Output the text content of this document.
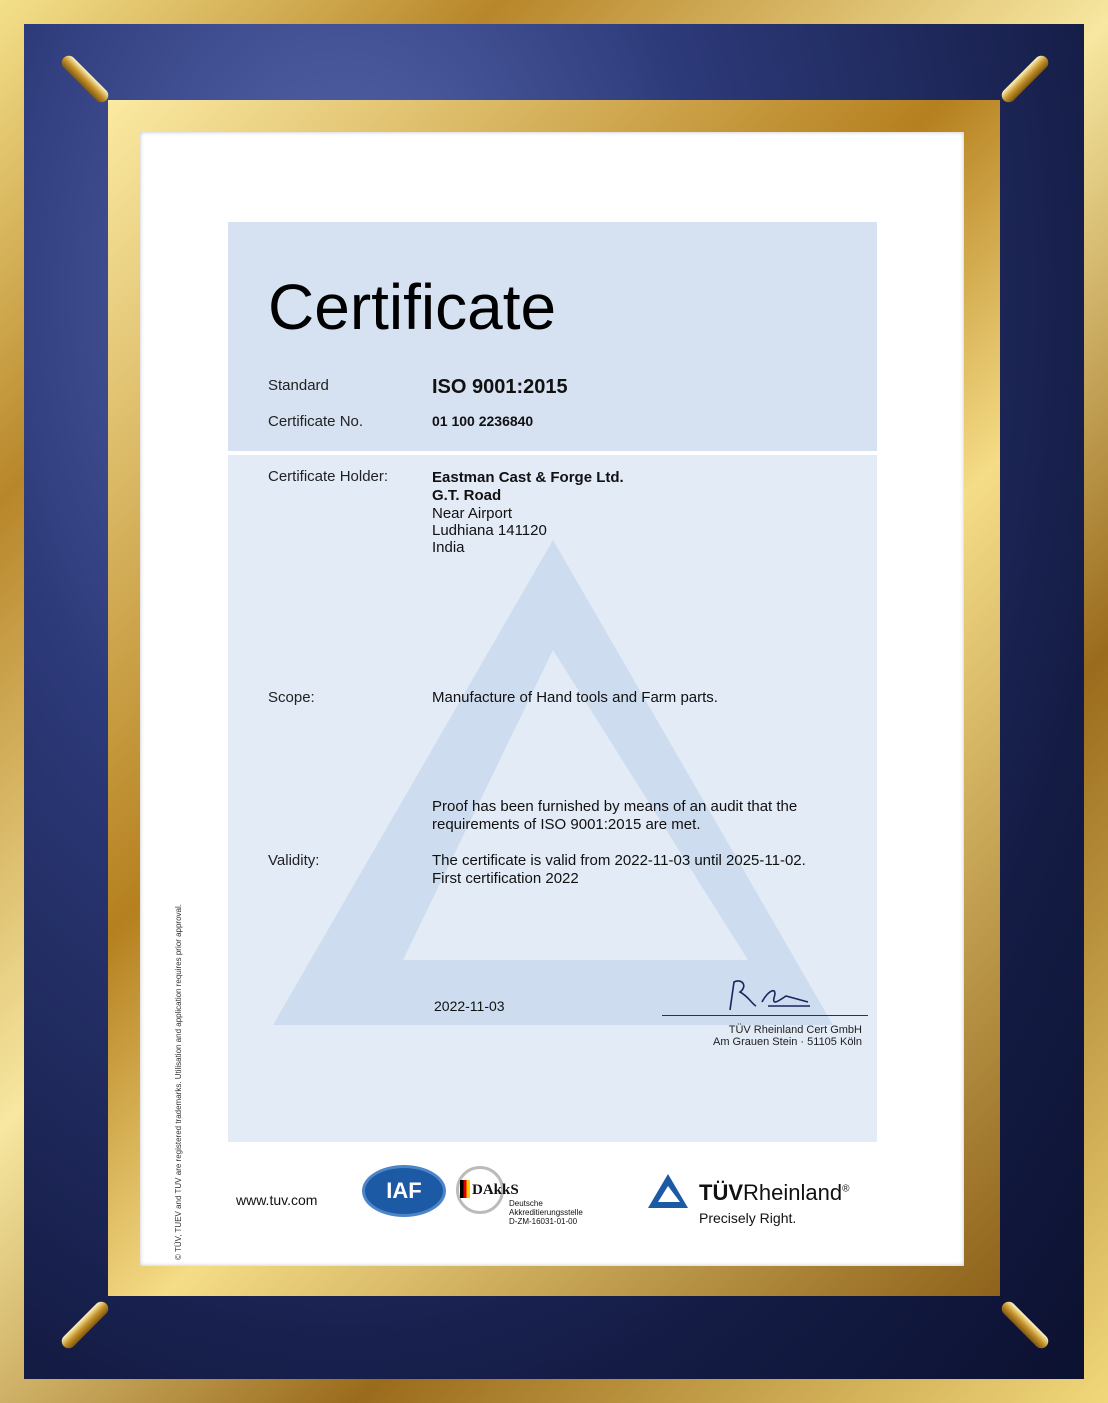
Certificate
Standard	ISO 9001:2015
Certificate No.	01 100 2236840
Certificate Holder:	Eastman Cast & Forge Ltd.
G.T. Road
Near Airport
Ludhiana 141120
India
Scope:	Manufacture of Hand tools and Farm parts.
Proof has been furnished by means of an audit that the
requirements of ISO 9001:2015 are met.
Validity:	The certificate is valid from 2022-11-03 until 2025-11-02.
First certification 2022
2022-11-03
TÜV Rheinland Cert GmbH
Am Grauen Stein · 51105 Köln
© TÜV, TUEV and TUV are registered trademarks. Utilisation and application requires prior approval.	www.tuv.com	IAF	DAkkS
Deutsche
Akkreditierungsstelle
D-ZM-16031-01-00
TÜVRheinland®
Precisely Right.
